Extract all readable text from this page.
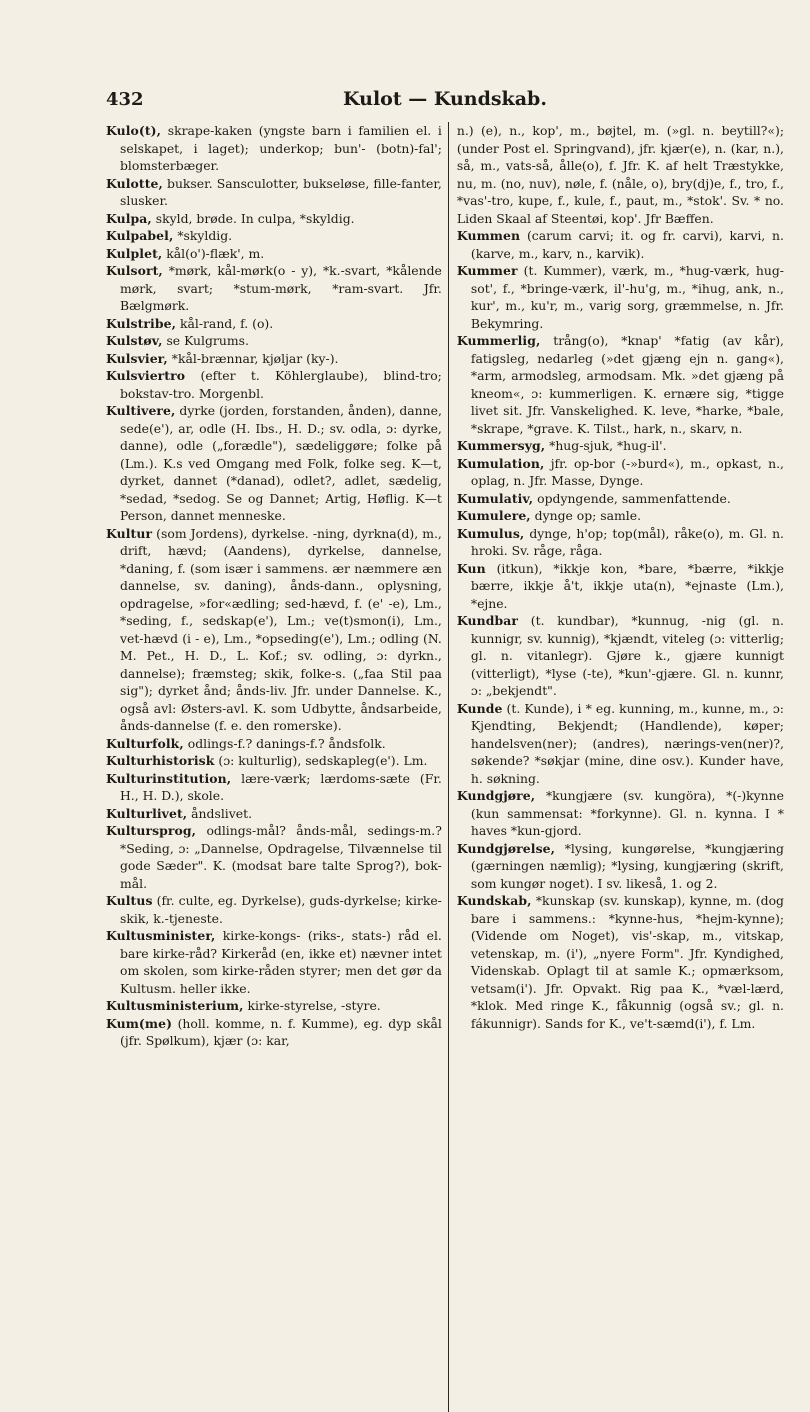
432	Kulot — Kundskab.

Kulo(t), skrape-kaken (yngste barn i familien el. i selskapet, i laget); underkop; bun'- (botn)-fal'; blomsterbæger.

Kulotte, bukser. Sansculotter, bukseløse, fille-fanter, slusker.

Kulpa, skyld, brøde. In culpa, *skyldig.

Kulpabel, *skyldig.

Kulplet, kål(o')-flæk', m.

Kulsort, *mørk, kål-mørk(o - y), *k.-svart, *kålende mørk, svart; *stum-mørk, *ram-svart. Jfr. Bælgmørk.

Kulstribe, kål-rand, f. (o).

Kulstøv, se Kulgrums.

Kulsvier, *kål-brænnar, kjøljar (ky-).

Kulsviertro (efter t. Köhlerglaube), blind-tro; bokstav-tro. Morgenbl.

Kultivere, dyrke (jorden, forstanden, ånden), danne, sede(e'), ar, odle (H. Ibs., H. D.; sv. odla, ɔ: dyrke, danne), odle („forædle"), sædeliggøre; folke på (Lm.). K.s ved Omgang med Folk, folke seg. K—t, dyrket, dannet (*danad), odlet?, adlet, sædelig, *sedad, *sedog. Se og Dannet; Artig, Høflig. K—t Person, dannet menneske.

Kultur (som Jordens), dyrkelse. -ning, dyrkna(d), m., drift, hævd; (Aandens), dyrkelse, dannelse, *daning, f. (som især i sammens. ær næmmere æn dannelse, sv. daning), ånds-dann., oplysning, opdragelse, »for«ædling; sed-hævd, f. (e' -e), Lm., *seding, f., sedskap(e'), Lm.; ve(t)smon(i), Lm., vet-hævd (i - e), Lm., *opseding(e'), Lm.; odling (N. M. Pet., H. D., L. Kof.; sv. odling, ɔ: dyrkn., dannelse); fræmsteg; skik, folke-s. („faa Stil paa sig"); dyrket ånd; ånds-liv. Jfr. under Dannelse. K., også avl: Østers-avl. K. som Udbytte, åndsarbeide, ånds-dannelse (f. e. den romerske).

Kulturfolk, odlings-f.? danings-f.? åndsfolk.

Kulturhistorisk (ɔ: kulturlig), sedskapleg(e'). Lm.

Kulturinstitution, lære-værk; lærdoms-sæte (Fr. H., H. D.), skole.

Kulturlivet, åndslivet.

Kultursprog, odlings-mål? ånds-mål, sedings-m.? *Seding, ɔ: „Dannelse, Opdragelse, Tilvænnelse til gode Sæder". K. (modsat bare talte Sprog?), bok-mål.

Kultus (fr. culte, eg. Dyrkelse), guds-dyrkelse; kirke-skik, k.-tjeneste.

Kultusminister, kirke-kongs- (riks-, stats-) råd el. bare kirke-råd? Kirkeråd (en, ikke et) nævner intet om skolen, som kirke-råden styrer; men det gør da Kultusm. heller ikke.

Kultusministerium, kirke-styrelse, -styre.

Kum(me) (holl. komme, n. f. Kumme), eg. dyp skål (jfr. Spølkum), kjær (ɔ: kar,

n.) (e), n., kop', m., bøjtel, m. (»gl. n. beytill?«); (under Post el. Springvand), jfr. kjær(e), n. (kar, n.), så, m., vats-så, ålle(o), f. Jfr. K. af helt Træstykke, nu, m. (no, nuv), nøle, f. (nåle, o), bry(dj)e, f., tro, f., *vas'-tro, kupe, f., kule, f., paut, m., *stok'. Sv. * no. Liden Skaal af Steentøi, kop'. Jfr Bæffen.

Kummen (carum carvi; it. og fr. carvi), karvi, n. (karve, m., karv, n., karvik).

Kummer (t. Kummer), værk, m., *hug-værk, hug-sot', f., *bringe-værk, il'-hu'g, m., *ihug, ank, n., kur', m., ku'r, m., varig sorg, græmmelse, n. Jfr. Bekymring.

Kummerlig, trång(o), *knap' *fatig (av kår), fatigsleg, nedarleg (»det gjæng ejn n. gang«), *arm, armodsleg, armodsam. Mk. »det gjæng på kneom«, ɔ: kummerligen. K. ernære sig, *tigge livet sit. Jfr. Vanskelighed. K. leve, *harke, *bale, *skrape, *grave. K. Tilst., hark, n., skarv, n.

Kummersyg, *hug-sjuk, *hug-il'.

Kumulation, jfr. op-bor (-»burd«), m., opkast, n., oplag, n. Jfr. Masse, Dynge.

Kumulativ, opdyngende, sammenfattende.

Kumulere, dynge op; samle.

Kumulus, dynge, h'op; top(mål), råke(o), m. Gl. n. hroki. Sv. råge, råga.

Kun (itkun), *ikkje kon, *bare, *bærre, *ikkje bærre, ikkje å't, ikkje uta(n), *ejnaste (Lm.), *ejne.

Kundbar (t. kundbar), *kunnug, -nig (gl. n. kunnigr, sv. kunnig), *kjændt, viteleg (ɔ: vitterlig; gl. n. vitanlegr). Gjøre k., gjære kunnigt (vitterligt), *lyse (-te), *kun'-gjære. Gl. n. kunnr, ɔ: „bekjendt".

Kunde (t. Kunde), i * eg. kunning, m., kunne, m., ɔ: Kjendting, Bekjendt; (Handlende), køper; handelsven(ner); (andres), nærings-ven(ner)?, søkende? *søkjar (mine, dine osv.). Kunder have, h. søkning.

Kundgjøre, *kungjære (sv. kungöra), *(-)kynne (kun sammensat: *forkynne). Gl. n. kynna. I * haves *kun-gjord.

Kundgjørelse, *lysing, kungørelse, *kungjæring (gærningen næmlig); *lysing, kungjæring (skrift, som kungør noget). I sv. likeså, 1. og 2.

Kundskab, *kunskap (sv. kunskap), kynne, m. (dog bare i sammens.: *kynne-hus, *hejm-kynne); (Vidende om Noget), vis'-skap, m., vitskap, vetenskap, m. (i'), „nyere Form". Jfr. Kyndighed, Videnskab. Oplagt til at samle K.; opmærksom, vetsam(i'). Jfr. Opvakt. Rig paa K., *væl-lærd, *klok. Med ringe K., fåkunnig (også sv.; gl. n. fákunnigr). Sands for K., ve't-sæmd(i'), f. Lm.
